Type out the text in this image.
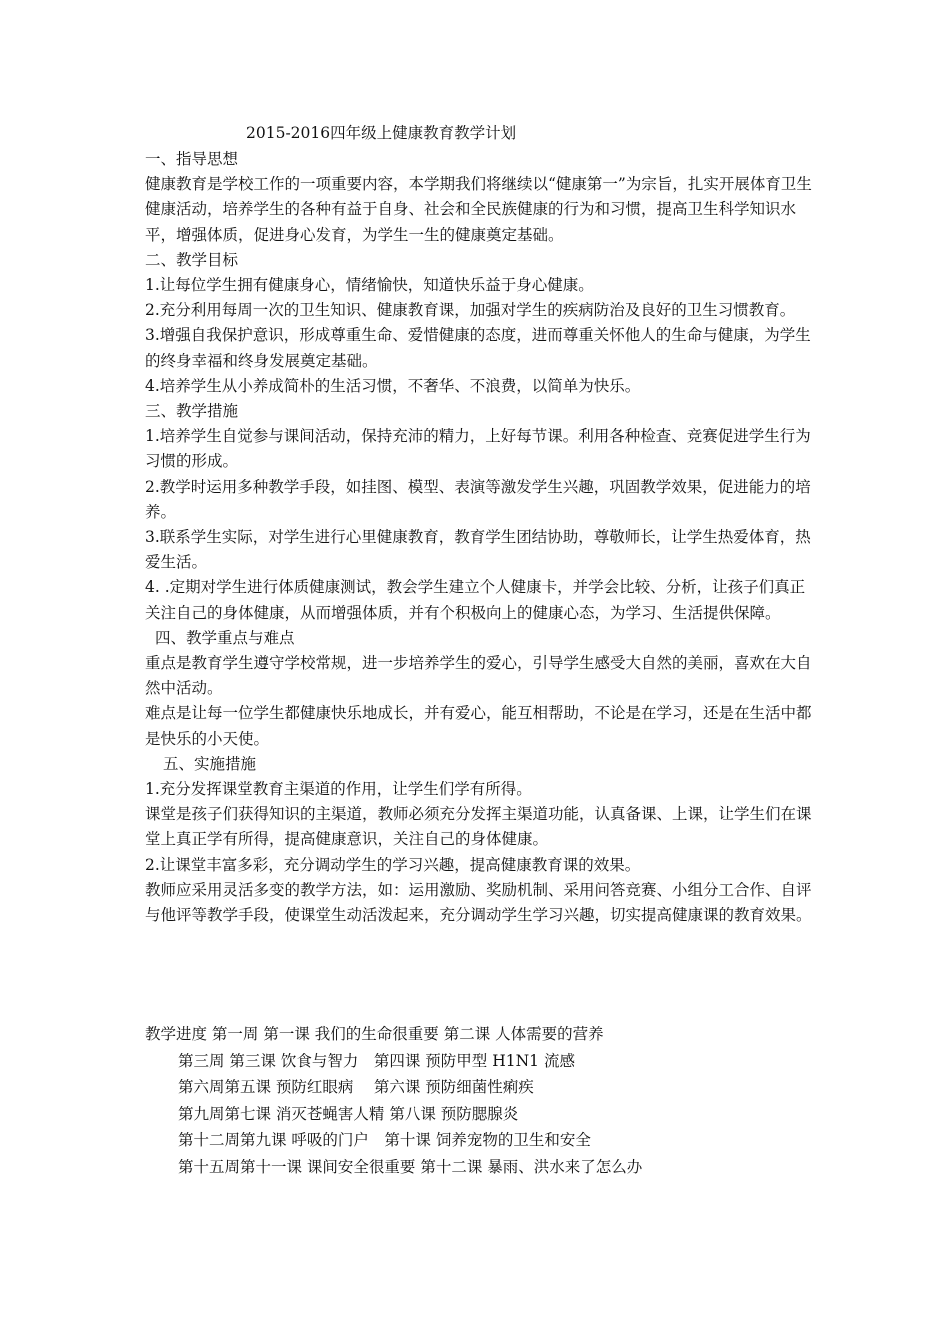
2015-2016四年级上健康教育教学计划

一、指导思想

健康教育是学校工作的一项重要内容，本学期我们将继续以“健康第一”为宗旨，扎实开展体育卫生健康活动，培养学生的各种有益于自身、社会和全民族健康的行为和习惯，提高卫生科学知识水平，增强体质，促进身心发育，为学生一生的健康奠定基础。

二、教学目标

1.让每位学生拥有健康身心，情绪愉快，知道快乐益于身心健康。

2.充分利用每周一次的卫生知识、健康教育课，加强对学生的疾病防治及良好的卫生习惯教育。

3.增强自我保护意识，形成尊重生命、爱惜健康的态度，进而尊重关怀他人的生命与健康，为学生的终身幸福和终身发展奠定基础。

4.培养学生从小养成简朴的生活习惯，不奢华、不浪费，以简单为快乐。

三、教学措施

1.培养学生自觉参与课间活动，保持充沛的精力，上好每节课。利用各种检查、竞赛促进学生行为习惯的形成。

2.教学时运用多种教学手段，如挂图、模型、表演等激发学生兴趣，巩固教学效果，促进能力的培养。

3.联系学生实际，对学生进行心里健康教育，教育学生团结协助，尊敬师长，让学生热爱体育，热爱生活。

4. .定期对学生进行体质健康测试，教会学生建立个人健康卡，并学会比较、分析，让孩子们真正关注自己的身体健康，从而增强体质，并有个积极向上的健康心态，为学习、生活提供保障。

四、教学重点与难点

重点是教育学生遵守学校常规，进一步培养学生的爱心，引导学生感受大自然的美丽，喜欢在大自然中活动。

难点是让每一位学生都健康快乐地成长，并有爱心，能互相帮助，不论是在学习，还是在生活中都是快乐的小天使。

五、实施措施

1.充分发挥课堂教育主渠道的作用，让学生们学有所得。

课堂是孩子们获得知识的主渠道，教师必须充分发挥主渠道功能，认真备课、上课，让学生们在课堂上真正学有所得，提高健康意识，关注自己的身体健康。

2.让课堂丰富多彩，充分调动学生的学习兴趣，提高健康教育课的效果。

教师应采用灵活多变的教学方法，如：运用激励、奖励机制、采用问答竞赛、小组分工合作、自评与他评等教学手段，使课堂生动活泼起来，充分调动学生学习兴趣，切实提高健康课的教育效果。

教学进度 第一周 第一课 我们的生命很重要 第二课 人体需要的营养

第三周 第三课 饮食与智力　第四课 预防甲型 H1N1 流感

第六周第五课 预防红眼病　 第六课 预防细菌性痢疾

第九周第七课 消灭苍蝇害人精 第八课 预防腮腺炎

第十二周第九课 呼吸的门户　第十课 饲养宠物的卫生和安全

第十五周第十一课 课间安全很重要 第十二课 暴雨、洪水来了怎么办
